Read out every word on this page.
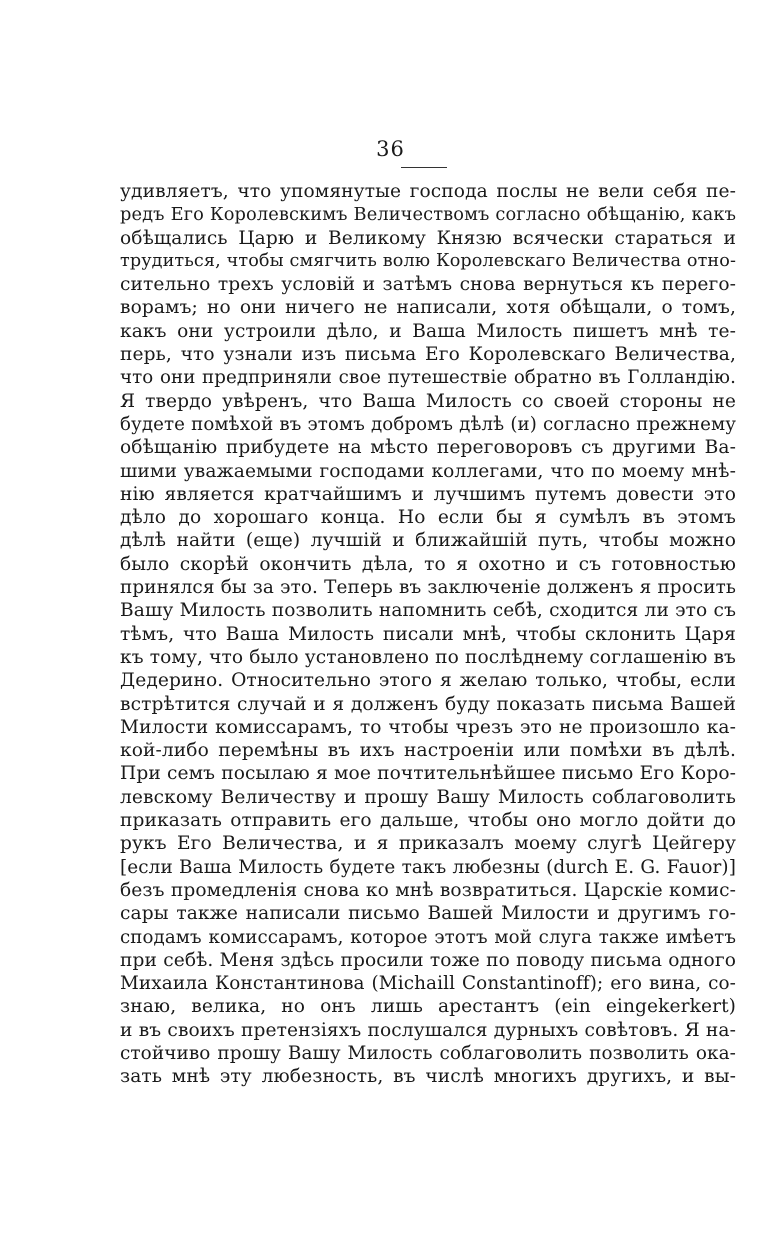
36
удивляетъ, что упомянутые господа послы не вели себя пе-
редъ Его Королевскимъ Величествомъ согласно обѣщанію, какъ
обѣщались Царю и Великому Князю всячески стараться и
трудиться, чтобы смягчить волю Королевскаго Величества отно-
сительно трехъ условій и затѣмъ снова вернуться къ перего-
ворамъ; но они ничего не написали, хотя обѣщали, о томъ,
какъ они устроили дѣло, и Ваша Милость пишетъ мнѣ те-
перь, что узнали изъ письма Его Королевскаго Величества,
что они предприняли свое путешествіе обратно въ Голландію.
Я твердо увѣренъ, что Ваша Милость со своей стороны не
будете помѣхой въ этомъ добромъ дѣлѣ (и) согласно прежнему
обѣщанію прибудете на мѣсто переговоровъ съ другими Ва-
шими уважаемыми господами коллегами, что по моему мнѣ-
нію является кратчайшимъ и лучшимъ путемъ довести это
дѣло до хорошаго конца. Но если бы я сумѣлъ въ этомъ
дѣлѣ найти (еще) лучшій и ближайшій путь, чтобы можно
было скорѣй окончить дѣла, то я охотно и съ готовностью
принялся бы за это. Теперь въ заключеніе долженъ я просить
Вашу Милость позволить напомнить себѣ, сходится ли это съ
тѣмъ, что Ваша Милость писали мнѣ, чтобы склонить Царя
къ тому, что было установлено по послѣднему соглашенію въ
Дедерино. Относительно этого я желаю только, чтобы, если
встрѣтится случай и я долженъ буду показать письма Вашей
Милости комиссарамъ, то чтобы чрезъ это не произошло ка-
кой-либо перемѣны въ ихъ настроеніи или помѣхи въ дѣлѣ.
При семъ посылаю я мое почтительнѣйшее письмо Его Коро-
левскому Величеству и прошу Вашу Милость соблаговолить
приказать отправить его дальше, чтобы оно могло дойти до
рукъ Его Величества, и я приказалъ моему слугѣ Цейгеру
[если Ваша Милость будете такъ любезны (durch E. G. Fauor)]
безъ промедленія снова ко мнѣ возвратиться. Царскіе комис-
сары также написали письмо Вашей Милости и другимъ го-
сподамъ комиссарамъ, которое этотъ мой слуга также имѣетъ
при себѣ. Меня здѣсь просили тоже по поводу письма одного
Михаила Константинова (Michaill Constantinoff); его вина, со-
знаю, велика, но онъ лишь арестантъ (ein eingekerkert)
и въ своихъ претензіяхъ послушался дурныхъ совѣтовъ. Я на-
стойчиво прошу Вашу Милость соблаговолить позволить ока-
зать мнѣ эту любезность, въ числѣ многихъ другихъ, и вы-
